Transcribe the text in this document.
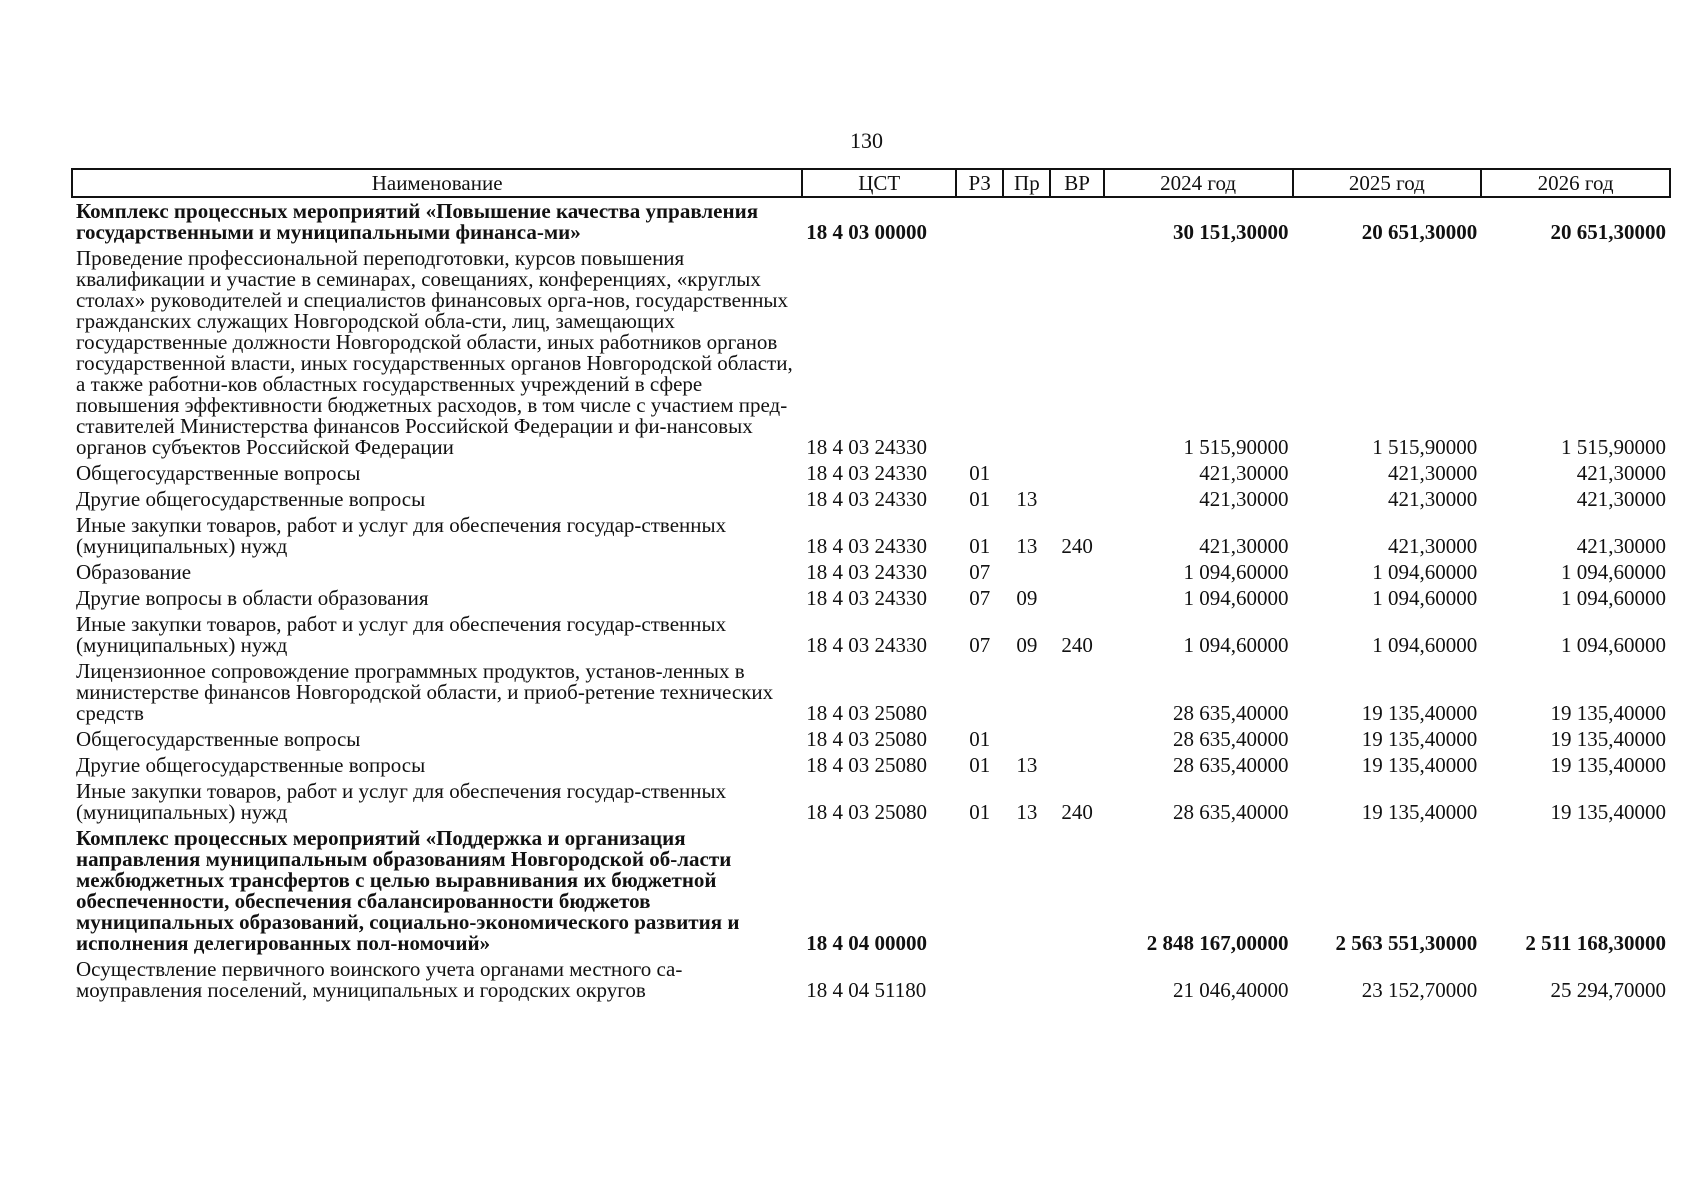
130
Наименование	ЦСТ	РЗ	Пр	ВР	2024 год	2025 год	2026 год
Комплекс процессных мероприятий «Повышение качества управления государственными и муниципальными финанса-ми»	18 4 03 00000				30 151,30000	20 651,30000	20 651,30000
Проведение профессиональной переподготовки, курсов повышения квалификации и участие в семинарах, совещаниях, конференциях, «круглых столах» руководителей и специалистов финансовых орга-нов, государственных гражданских служащих Новгородской обла-сти, лиц, замещающих государственные должности Новгородской области, иных работников органов государственной власти, иных государственных органов Новгородской области, а также работни-ков областных государственных учреждений в сфере повышения эффективности бюджетных расходов, в том числе с участием пред-ставителей Министерства финансов Российской Федерации и фи-нансовых органов субъектов Российской Федерации	18 4 03 24330				1 515,90000	1 515,90000	1 515,90000
Общегосударственные вопросы	18 4 03 24330	01			421,30000	421,30000	421,30000
Другие общегосударственные вопросы	18 4 03 24330	01	13		421,30000	421,30000	421,30000
Иные закупки товаров, работ и услуг для обеспечения государ-ственных (муниципальных) нужд	18 4 03 24330	01	13	240	421,30000	421,30000	421,30000
Образование	18 4 03 24330	07			1 094,60000	1 094,60000	1 094,60000
Другие вопросы в области образования	18 4 03 24330	07	09		1 094,60000	1 094,60000	1 094,60000
Иные закупки товаров, работ и услуг для обеспечения государ-ственных (муниципальных) нужд	18 4 03 24330	07	09	240	1 094,60000	1 094,60000	1 094,60000
Лицензионное сопровождение программных продуктов, установ-ленных в министерстве финансов Новгородской области, и приоб-ретение технических средств	18 4 03 25080				28 635,40000	19 135,40000	19 135,40000
Общегосударственные вопросы	18 4 03 25080	01			28 635,40000	19 135,40000	19 135,40000
Другие общегосударственные вопросы	18 4 03 25080	01	13		28 635,40000	19 135,40000	19 135,40000
Иные закупки товаров, работ и услуг для обеспечения государ-ственных (муниципальных) нужд	18 4 03 25080	01	13	240	28 635,40000	19 135,40000	19 135,40000
Комплекс процессных мероприятий «Поддержка и организация направления муниципальным образованиям Новгородской об-ласти межбюджетных трансфертов с целью выравнивания их бюджетной обеспеченности, обеспечения сбалансированности бюджетов муниципальных образований, социально-экономического развития и исполнения делегированных пол-номочий»	18 4 04 00000				2 848 167,00000	2 563 551,30000	2 511 168,30000
Осуществление первичного воинского учета органами местного са-моуправления поселений, муниципальных и городских округов	18 4 04 51180				21 046,40000	23 152,70000	25 294,70000
